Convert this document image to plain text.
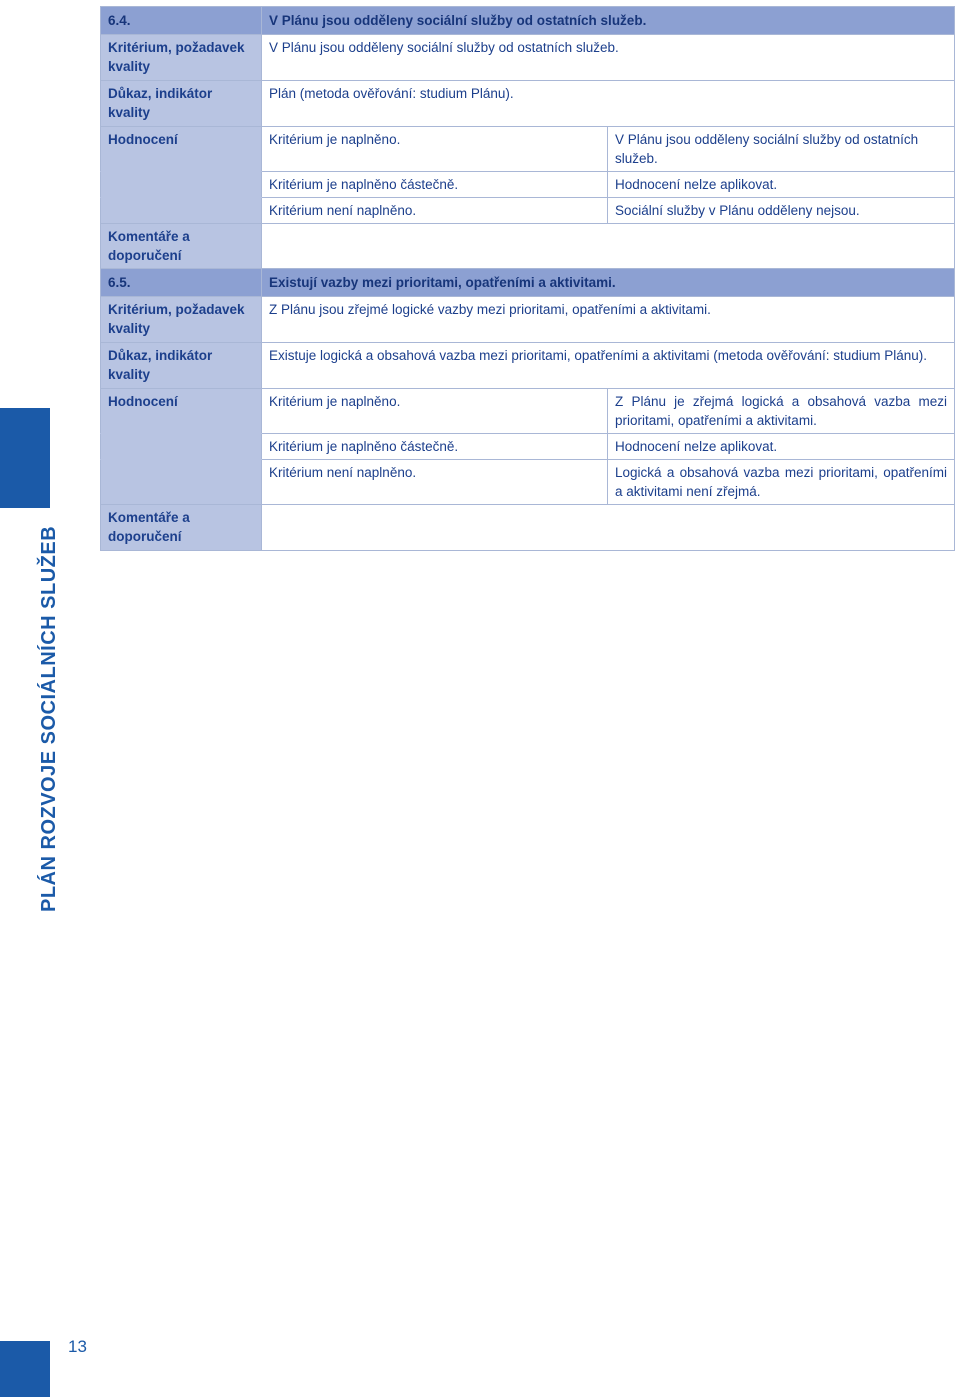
PLÁN ROZVOJE SOCIÁLNÍCH SLUŽEB
13
6.4.	V Plánu jsou odděleny sociální služby od ostatních služeb.	
Kritérium, požadavek kvality	V Plánu jsou odděleny sociální služby od ostatních služeb.	
Důkaz, indikátor kvality	Plán (metoda ověřování: studium Plánu).	
Hodnocení	Kritérium je naplněno.	V Plánu jsou odděleny sociální služby od ostatních služeb.
	Kritérium je naplněno částečně.	Hodnocení nelze aplikovat.
	Kritérium není naplněno.	Sociální služby v Plánu odděleny nejsou.
Komentáře a doporučení		
6.5.	Existují vazby mezi prioritami, opatřeními a aktivitami.	
Kritérium, požadavek kvality	Z Plánu jsou zřejmé logické vazby mezi prioritami, opatřeními a aktivitami.	
Důkaz, indikátor kvality	Existuje logická a obsahová vazba mezi prioritami, opatřeními a aktivitami (metoda ověřování: studium Plánu).	
Hodnocení	Kritérium je naplněno.	Z Plánu je zřejmá logická a obsahová vazba mezi prioritami, opatřeními a aktivitami.
	Kritérium je naplněno částečně.	Hodnocení nelze aplikovat.
	Kritérium není naplněno.	Logická a obsahová vazba mezi prioritami, opatřeními a aktivitami není zřejmá.
Komentáře a doporučení		
